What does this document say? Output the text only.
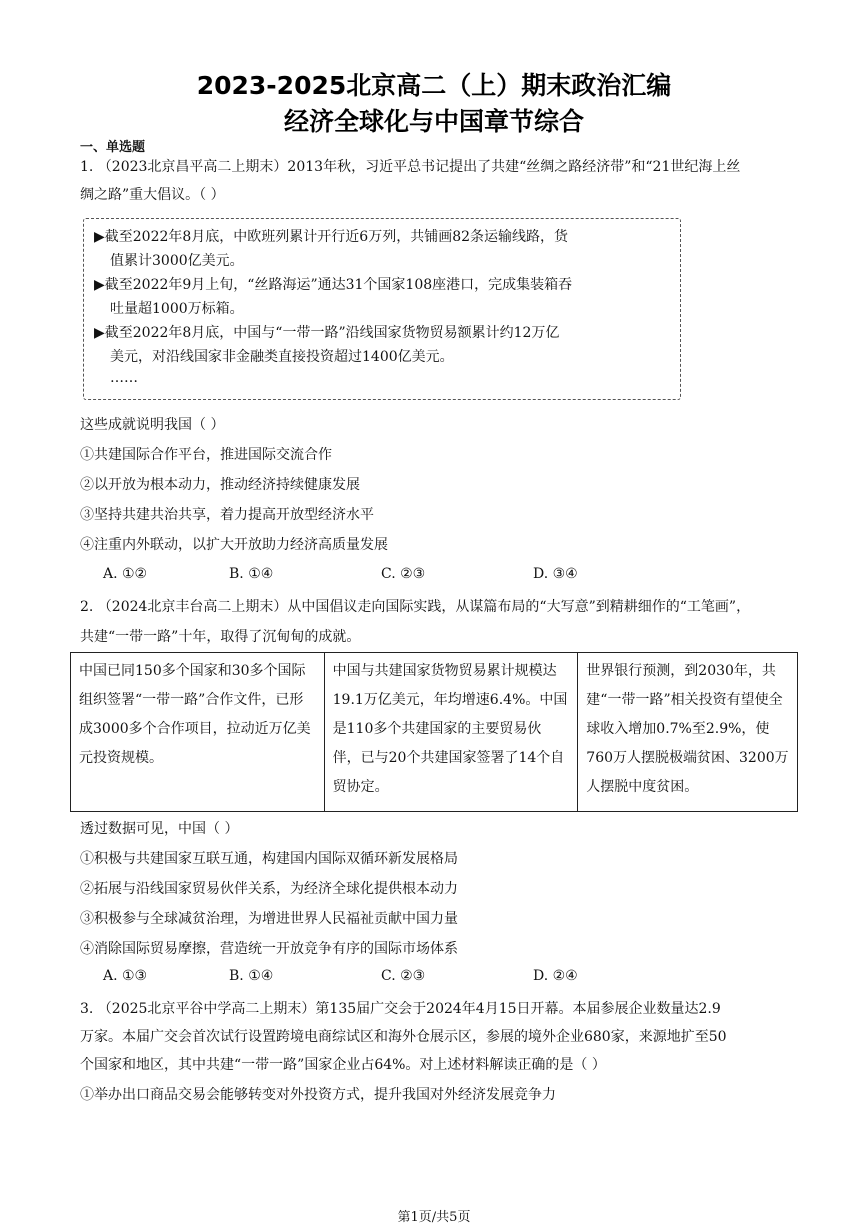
2023-2025北京高二（上）期末政治汇编
经济全球化与中国章节综合
一、单选题
1. （2023北京昌平高二上期末）2013年秋，习近平总书记提出了共建“丝绸之路经济带”和“21世纪海上丝
绸之路”重大倡议。（ ）
▶截至2022年8月底，中欧班列累计开行近6万列，共铺画82条运输线路，货
值累计3000亿美元。
▶截至2022年9月上旬，“丝路海运”通达31个国家108座港口，完成集装箱吞
吐量超1000万标箱。
▶截至2022年8月底，中国与“一带一路”沿线国家货物贸易额累计约12万亿
美元，对沿线国家非金融类直接投资超过1400亿美元。
……
这些成就说明我国（ ）
①共建国际合作平台，推进国际交流合作
②以开放为根本动力，推动经济持续健康发展
③坚持共建共治共享，着力提高开放型经济水平
④注重内外联动，以扩大开放助力经济高质量发展
A. ①②	B. ①④	C. ②③	D. ③④
2. （2024北京丰台高二上期末）从中国倡议走向国际实践，从谋篇布局的“大写意”到精耕细作的“工笔画”，
共建“一带一路”十年，取得了沉甸甸的成就。
中国已同150多个国家和30多个国际组织签署“一带一路”合作文件，已形成3000多个合作项目，拉动近万亿美元投资规模。	中国与共建国家货物贸易累计规模达19.1万亿美元，年均增速6.4%。中国是110多个共建国家的主要贸易伙伴，已与20个共建国家签署了14个自贸协定。	世界银行预测，到2030年，共建“一带一路”相关投资有望使全球收入增加0.7%至2.9%，使760万人摆脱极端贫困、3200万人摆脱中度贫困。
透过数据可见，中国（ ）
①积极与共建国家互联互通，构建国内国际双循环新发展格局
②拓展与沿线国家贸易伙伴关系，为经济全球化提供根本动力
③积极参与全球减贫治理，为增进世界人民福祉贡献中国力量
④消除国际贸易摩擦，营造统一开放竞争有序的国际市场体系
A. ①③	B. ①④	C. ②③	D. ②④
3. （2025北京平谷中学高二上期末）第135届广交会于2024年4月15日开幕。本届参展企业数量达2.9
万家。本届广交会首次试行设置跨境电商综试区和海外仓展示区，参展的境外企业680家，来源地扩至50
个国家和地区，其中共建“一带一路”国家企业占64%。对上述材料解读正确的是（ ）
①举办出口商品交易会能够转变对外投资方式，提升我国对外经济发展竞争力
第1页/共5页
